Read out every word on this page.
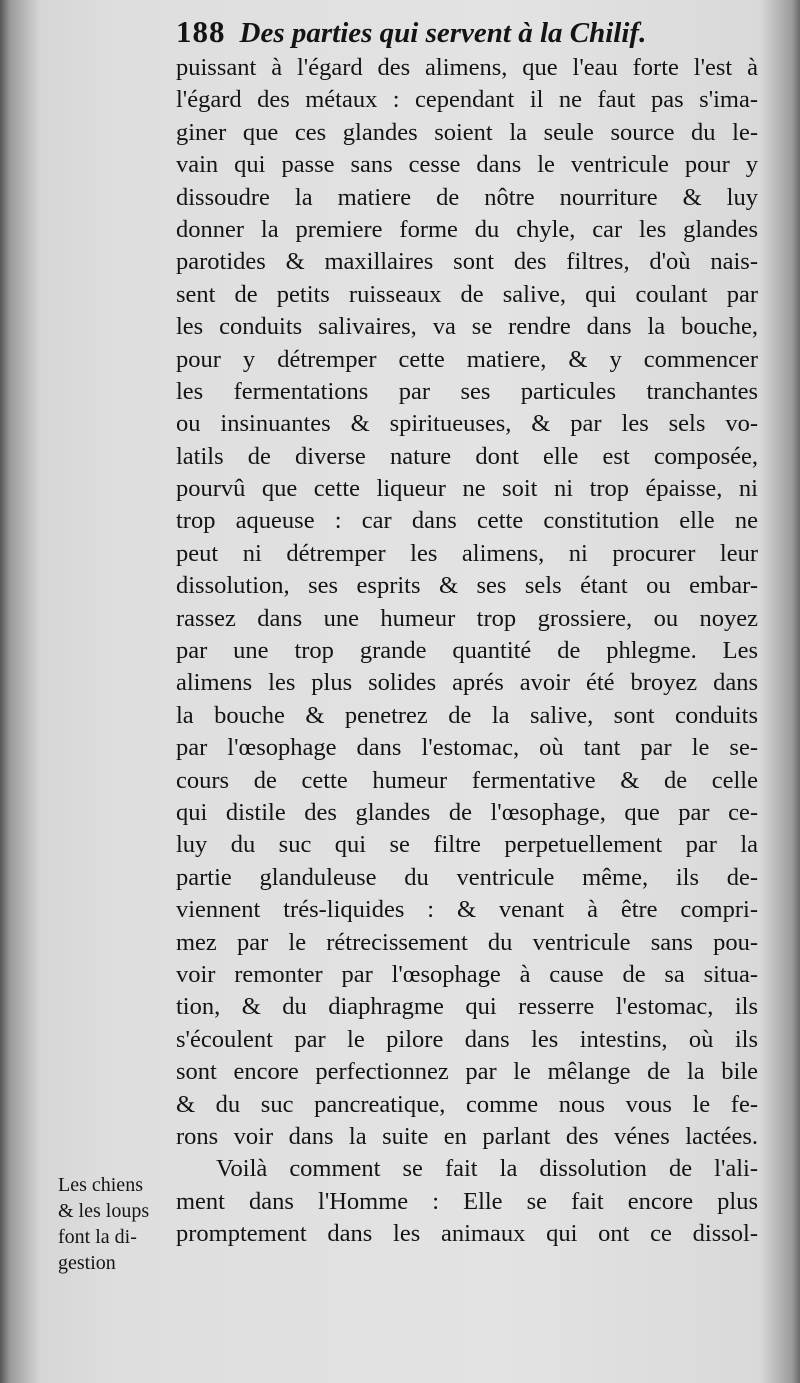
188 Des parties qui servent à la Chilif.
puissant à l'égard des alimens, que l'eau forte l'est à
l'égard des métaux : cependant il ne faut pas s'ima-
giner que ces glandes soient la seule source du le-
vain qui passe sans cesse dans le ventricule pour y
dissoudre la matiere de nôtre nourriture & luy
donner la premiere forme du chyle, car les glandes
parotides & maxillaires sont des filtres, d'où nais-
sent de petits ruisseaux de salive, qui coulant par
les conduits salivaires, va se rendre dans la bouche,
pour y détremper cette matiere, & y commencer
les fermentations par ses particules tranchantes
ou insinuantes & spiritueuses, & par les sels vo-
latils de diverse nature dont elle est composée,
pourvû que cette liqueur ne soit ni trop épaisse, ni
trop aqueuse : car dans cette constitution elle ne
peut ni détremper les alimens, ni procurer leur
dissolution, ses esprits & ses sels étant ou embar-
rassez dans une humeur trop grossiere, ou noyez
par une trop grande quantité de phlegme. Les
alimens les plus solides aprés avoir été broyez dans
la bouche & penetrez de la salive, sont conduits
par l'œsophage dans l'estomac, où tant par le se-
cours de cette humeur fermentative & de celle
qui distile des glandes de l'œsophage, que par ce-
luy du suc qui se filtre perpetuellement par la
partie glanduleuse du ventricule même, ils de-
viennent trés-liquides : & venant à être compri-
mez par le rétrecissement du ventricule sans pou-
voir remonter par l'œsophage à cause de sa situa-
tion, & du diaphragme qui resserre l'estomac, ils
s'écoulent par le pilore dans les intestins, où ils
sont encore perfectionnez par le mêlange de la bile
& du suc pancreatique, comme nous vous le fe-
rons voir dans la suite en parlant des vénes lactées.
Voilà comment se fait la dissolution de l'ali-
ment dans l'Homme : Elle se fait encore plus
promptement dans les animaux qui ont ce dissol-
Les chiens
& les loups
font la di-
gestion
